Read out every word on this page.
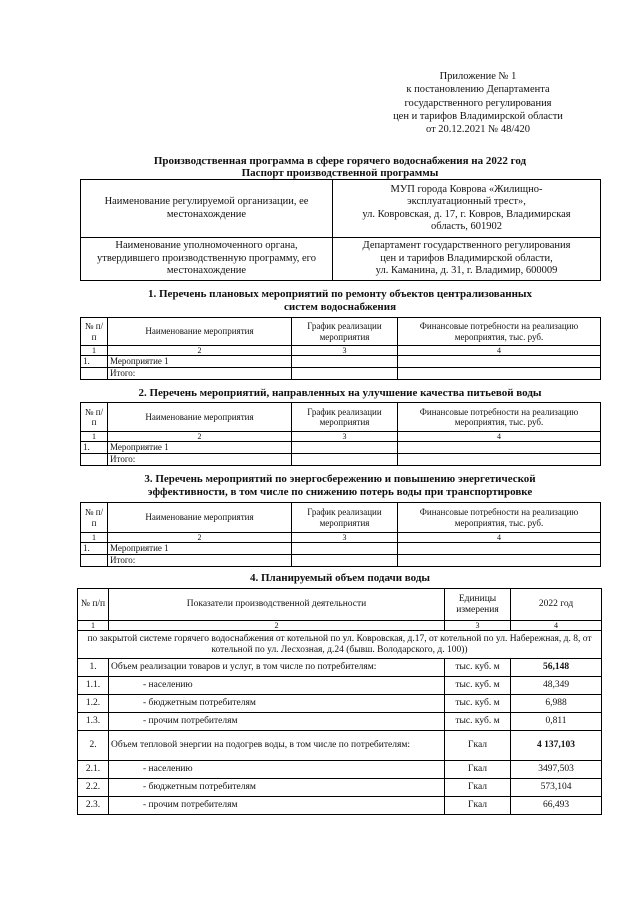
Приложение № 1
к постановлению Департамента
государственного регулирования
цен и тарифов Владимирской области
от 20.12.2021 № 48/420
Производственная программа в сфере горячего водоснабжения на 2022 год
Паспорт производственной программы
Наименование регулируемой организации, ее местонахождение	МУП города Коврова «Жилищно-
эксплуатационный трест»,
ул. Ковровская, д. 17, г. Ковров, Владимирская
область, 601902

Наименование уполномоченного органа, утвердившего производственную программу, его местонахождение	Департамент государственного регулирования
цен и тарифов Владимирской области,
ул. Каманина, д. 31, г. Владимир, 600009
1. Перечень плановых мероприятий по ремонту объектов централизованных
систем водоснабжения
№ п/п	Наименование мероприятия	График реализации мероприятия	Финансовые потребности на реализацию мероприятия, тыс. руб.
1	2	3	4
1.	Мероприятие 1		
	Итого:		
2. Перечень мероприятий, направленных на улучшение качества питьевой воды
№ п/п	Наименование мероприятия	График реализации мероприятия	Финансовые потребности на реализацию мероприятия, тыс. руб.
1	2	3	4
1.	Мероприятие 1		
	Итого:		
3. Перечень мероприятий по энергосбережению и повышению энергетической
эффективности, в том числе по снижению потерь воды при транспортировке
№ п/п	Наименование мероприятия	График реализации мероприятия	Финансовые потребности на реализацию мероприятия, тыс. руб.
1	2	3	4
1.	Мероприятие 1		
	Итого:		
4. Планируемый объем подачи воды
№ п/п	Показатели производственной деятельности	Единицы измерения	2022 год
1	2	3	4
по закрытой системе горячего водоснабжения от котельной по ул. Ковровская, д.17, от котельной по ул. Набережная, д. 8, от котельной по ул. Лесхозная, д.24 (бывш. Володарского, д. 100))			
1.	Объем реализации товаров и услуг, в том числе по потребителям:	тыс. куб. м	56,148
1.1.	- населению	тыс. куб. м	48,349
1.2.	- бюджетным потребителям	тыс. куб. м	6,988
1.3.	- прочим потребителям	тыс. куб. м	0,811
2.	Объем тепловой энергии на подогрев воды, в том числе по потребителям:	Гкал	4 137,103
2.1.	- населению	Гкал	3497,503
2.2.	- бюджетным потребителям	Гкал	573,104
2.3.	- прочим потребителям	Гкал	66,493
